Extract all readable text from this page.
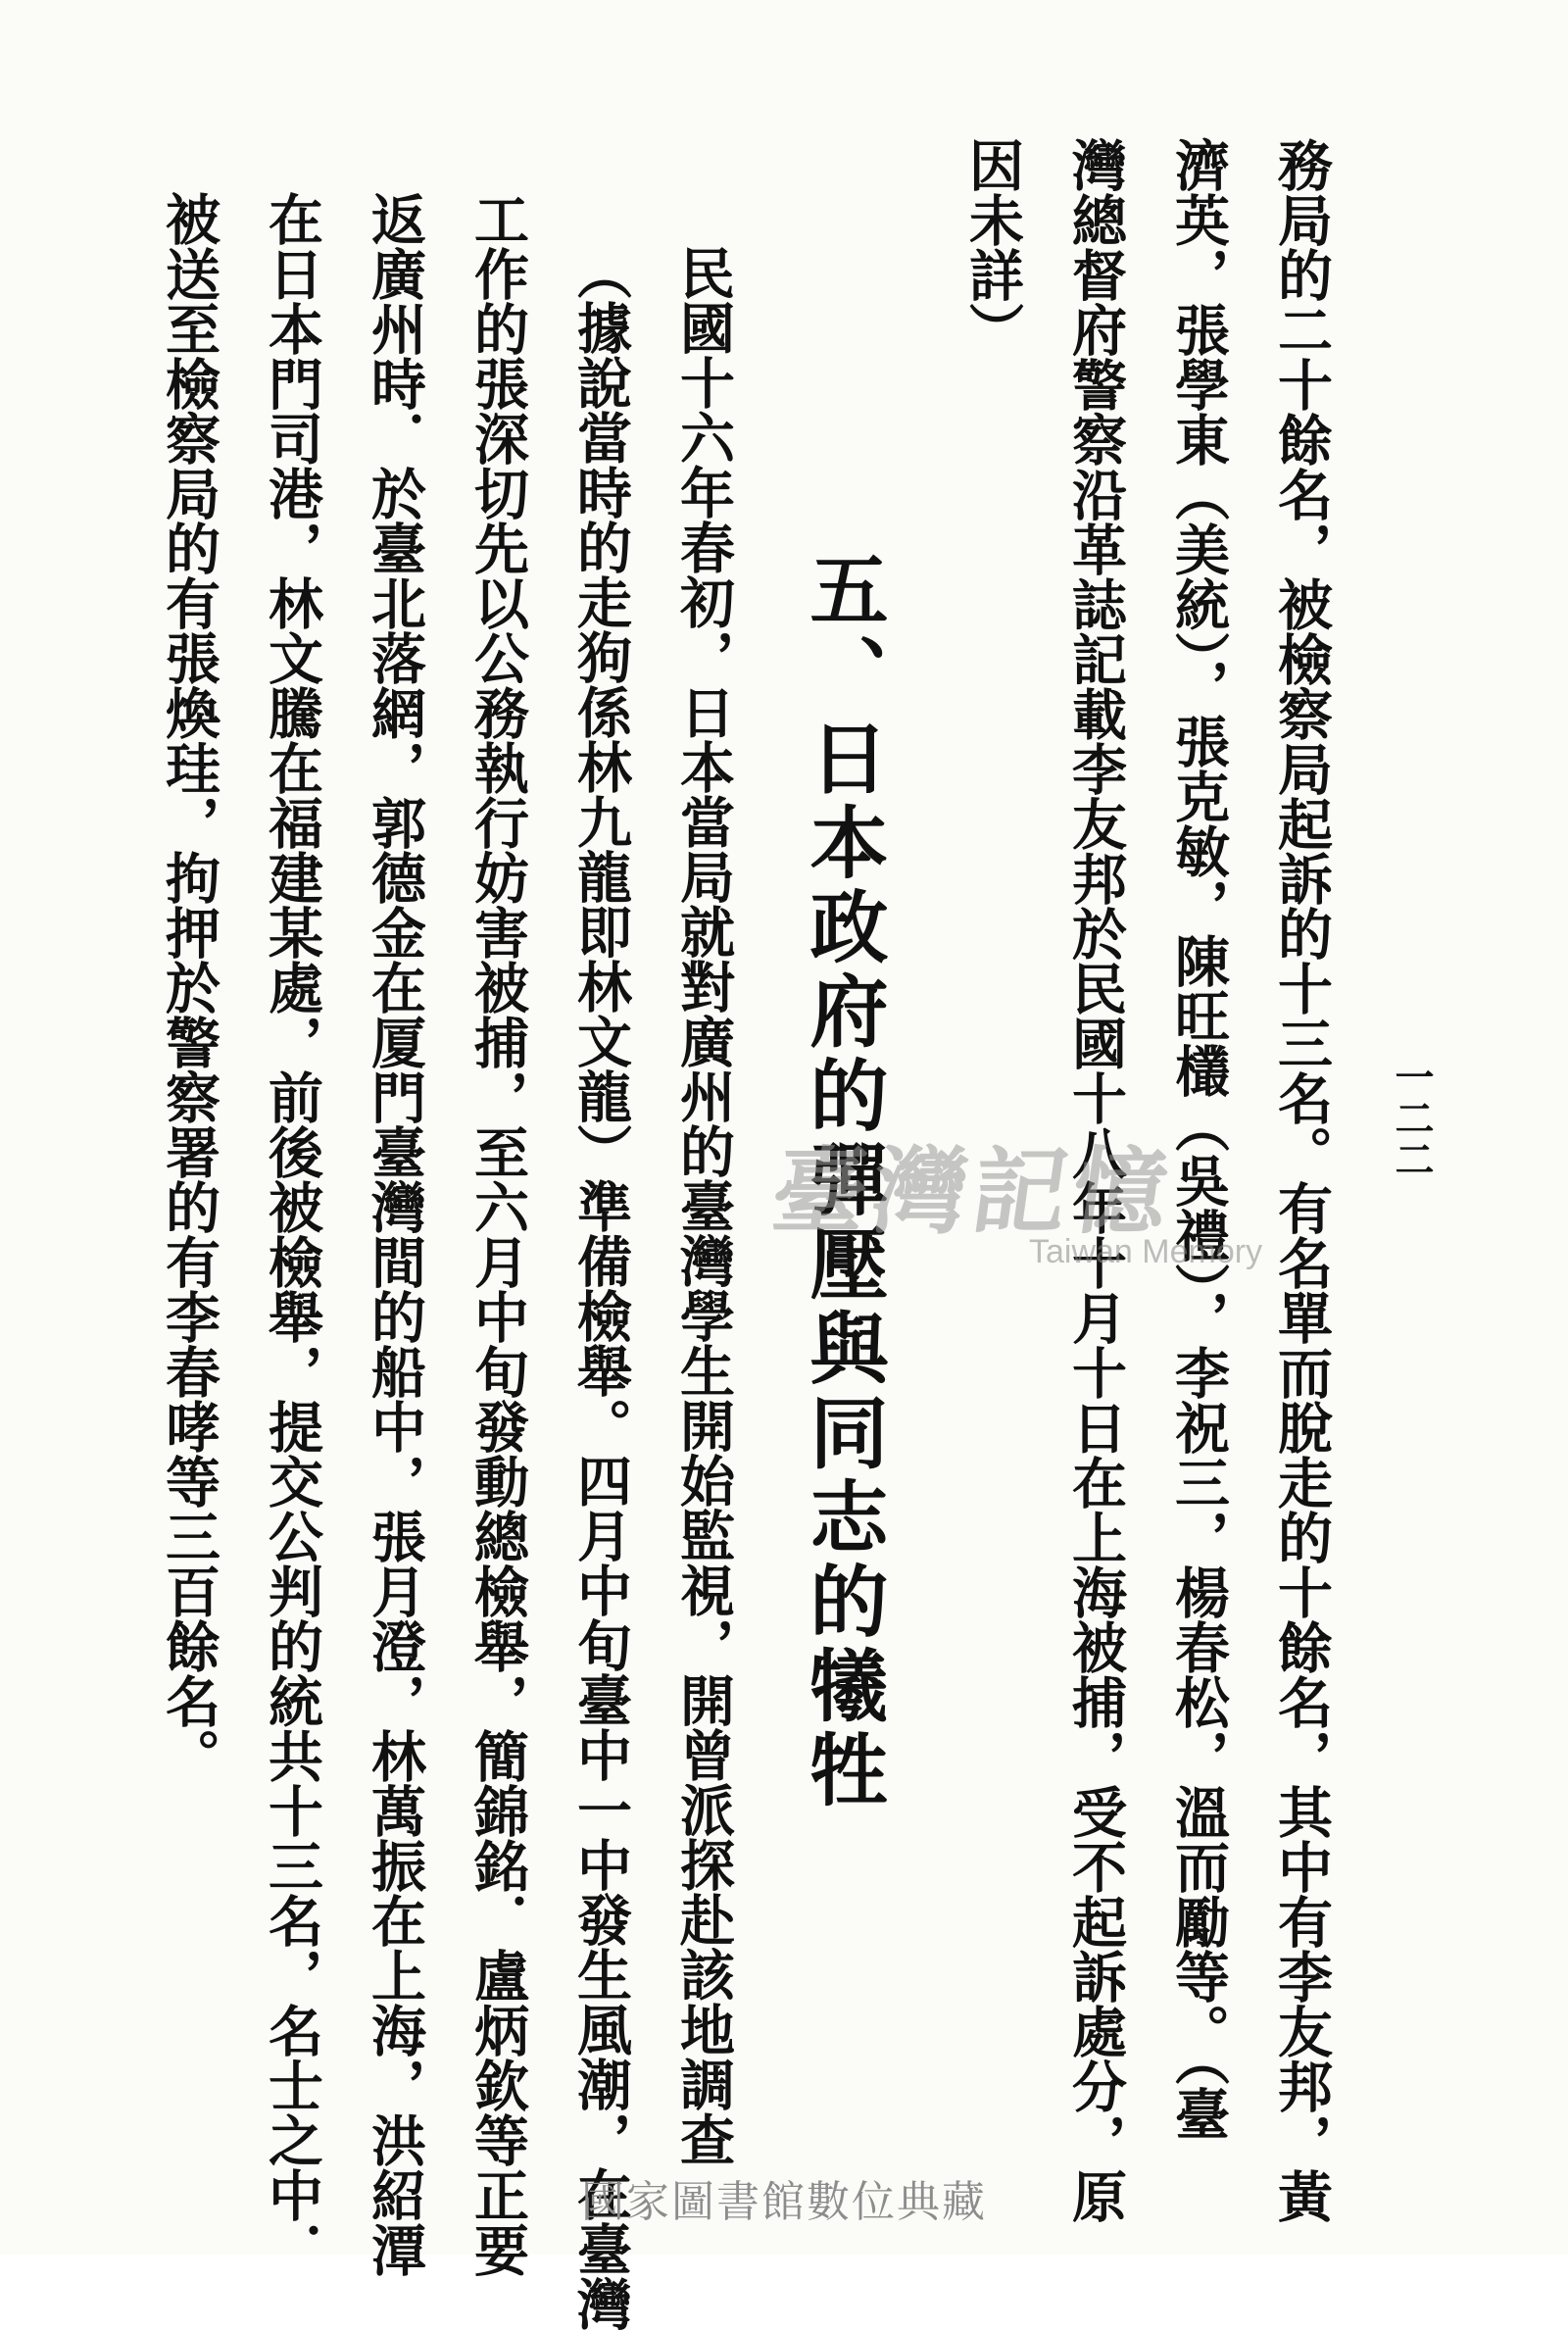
一二二
務局的二十餘名，被檢察局起訴的十三名。有名單而脫走的十餘名，其中有李友邦，黃
濟英，張學東（美統），張克敏，陳旺欉（吳禮），李祝三，楊春松，溫而勵等。（臺
灣總督府警察沿革誌記載李友邦於民國十八年十月十日在上海被捕，受不起訴處分，原
因未詳）
五、日本政府的彈壓與同志的犧牲
民國十六年春初，日本當局就對廣州的臺灣學生開始監視，開曾派探赴該地調查
（據說當時的走狗係林九龍即林文龍）準備檢舉。四月中旬臺中一中發生風潮，在臺灣
工作的張深切先以公務執行妨害被捕，至六月中旬發動總檢舉，簡錦銘．盧炳欽等正要
返廣州時．於臺北落網，郭德金在厦門臺灣間的船中，張月澄，林萬振在上海，洪紹潭
在日本門司港，林文騰在福建某處，前後被檢舉，提交公判的統共十三名，名士之中．
被送至檢察局的有張煥珪，拘押於警察署的有李春哮等三百餘名。	臺灣記憶
Taiwan Memory
國家圖書館數位典藏
